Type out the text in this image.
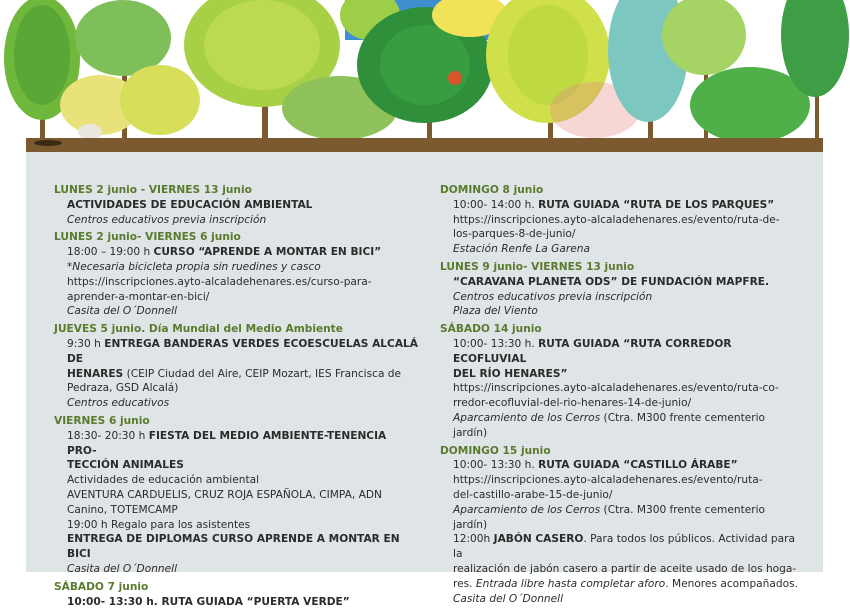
LUNES 2 junio - VIERNES 13 junio
ACTIVIDADES DE EDUCACIÓN AMBIENTAL
Centros educativos previa inscripción
LUNES 2 junio- VIERNES 6 junio
18:00 – 19:00 h CURSO “APRENDE A MONTAR EN BICI”
*Necesaria bicicleta propia sin ruedines y casco
https://inscripciones.ayto-alcaladehenares.es/curso-para-
aprender-a-montar-en-bici/
Casita del O´Donnell
JUEVES 5 junio. Día Mundial del Medio Ambiente
9:30 h ENTREGA BANDERAS VERDES ECOESCUELAS ALCALÁ DE
HENARES (CEIP Ciudad del Aire, CEIP Mozart, IES Francisca de
Pedraza, GSD Alcalá)
Centros educativos
VIERNES 6 junio
18:30- 20:30 h FIESTA DEL MEDIO AMBIENTE-TENENCIA PRO-
TECCIÓN ANIMALES
Actividades de educación ambiental
AVENTURA CARDUELIS, CRUZ ROJA ESPAÑOLA, CIMPA, ADN
Canino, TOTEMCAMP
19:00 h Regalo para los asistentes
ENTREGA DE DIPLOMAS CURSO APRENDE A MONTAR EN BICI
Casita del O´Donnell
SÁBADO 7 junio
10:00- 13:30 h. RUTA GUIADA “PUERTA VERDE”
DOMINGO 8 junio
10:00- 14:00 h. RUTA GUIADA “RUTA DE LOS PARQUES”
https://inscripciones.ayto-alcaladehenares.es/evento/ruta-de-
los-parques-8-de-junio/
Estación Renfe La Garena
LUNES 9 junio- VIERNES 13 junio
“CARAVANA PLANETA ODS” DE FUNDACIÓN MAPFRE.
Centros educativos previa inscripción
Plaza del Viento
SÁBADO 14 junio
10:00- 13:30 h. RUTA GUIADA “RUTA CORREDOR ECOFLUVIAL
DEL RÍO HENARES”
https://inscripciones.ayto-alcaladehenares.es/evento/ruta-co-
rredor-ecofluvial-del-rio-henares-14-de-junio/
Aparcamiento de los Cerros (Ctra. M300 frente cementerio jardín)
DOMINGO 15 junio
10:00- 13:30 h. RUTA GUIADA “CASTILLO ÁRABE”
https://inscripciones.ayto-alcaladehenares.es/evento/ruta-
del-castillo-arabe-15-de-junio/
Aparcamiento de los Cerros (Ctra. M300 frente cementerio jardín)
12:00h JABÓN CASERO. Para todos los públicos. Actividad para la
realización de jabón casero a partir de aceite usado de los hoga-
res. Entrada libre hasta completar aforo. Menores acompañados.
Casita del O´Donnell
